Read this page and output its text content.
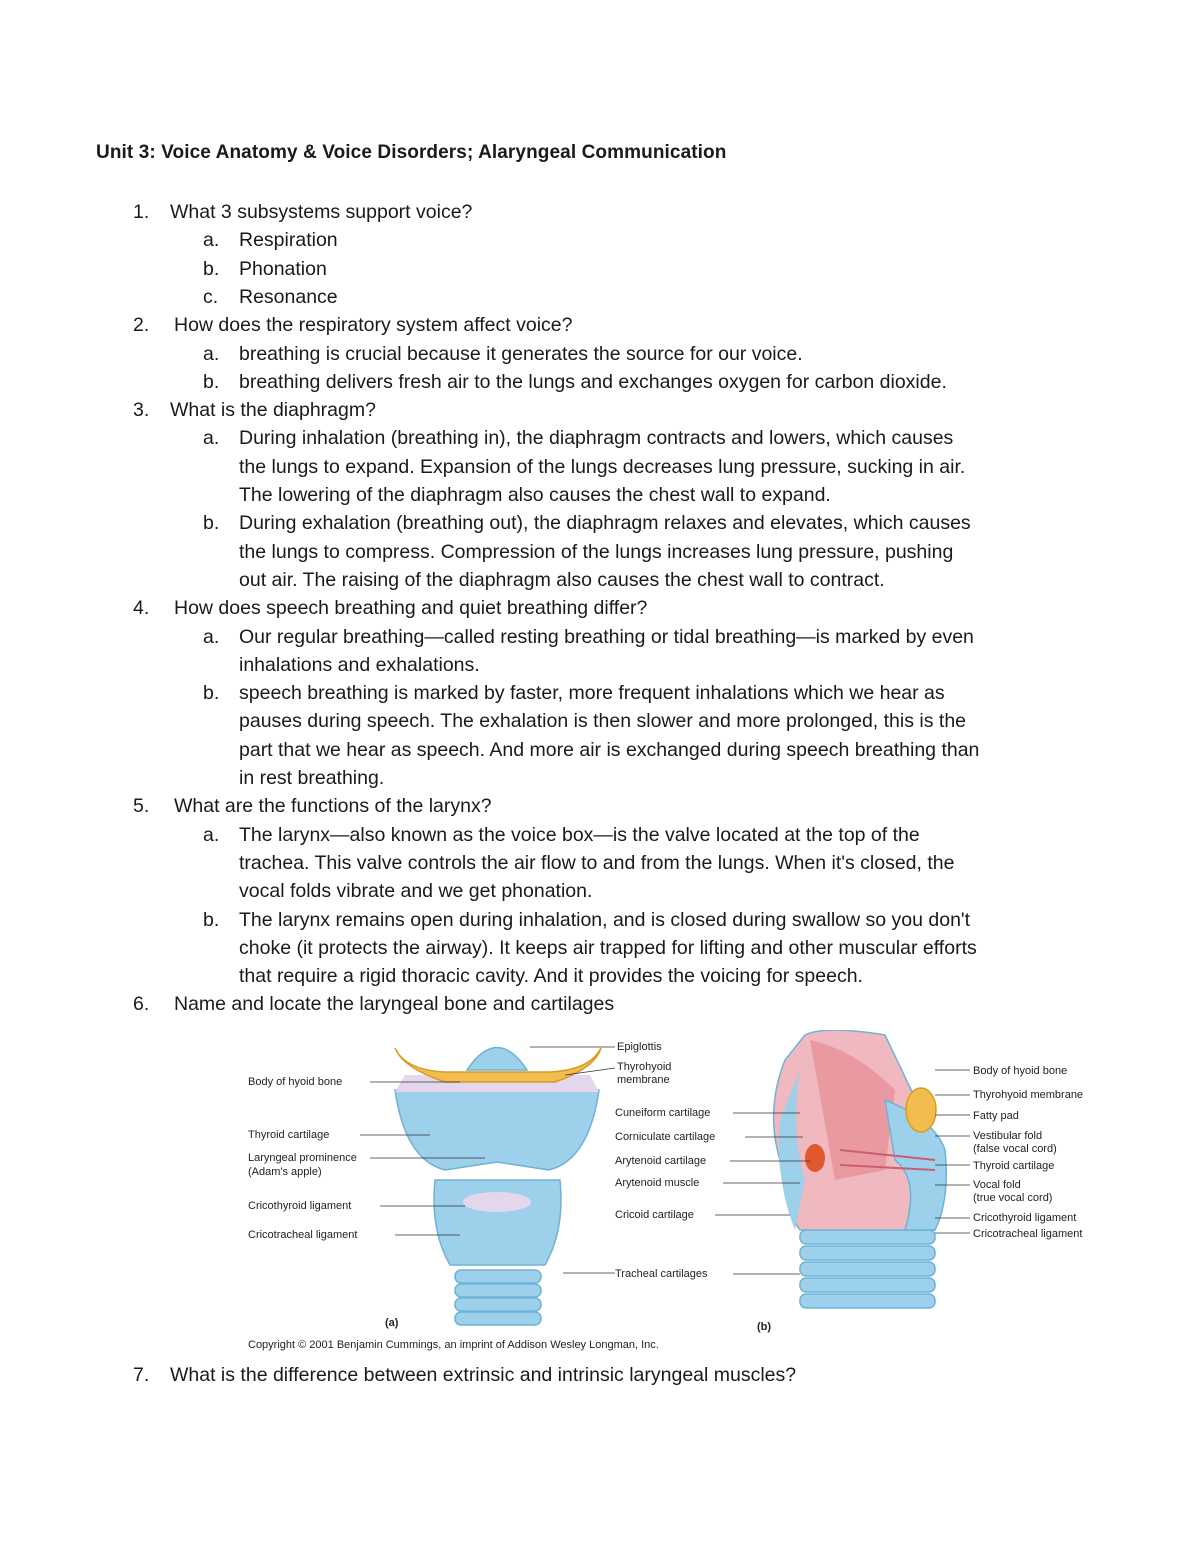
Unit 3: Voice Anatomy & Voice Disorders; Alaryngeal Communication
1. What 3 subsystems support voice?
a. Respiration
b. Phonation
c. Resonance
2. How does the respiratory system affect voice?
a. breathing is crucial because it generates the source for our voice.
b. breathing delivers fresh air to the lungs and exchanges oxygen for carbon dioxide.
3. What is the diaphragm?
a. During inhalation (breathing in), the diaphragm contracts and lowers, which causes
the lungs to expand. Expansion of the lungs decreases lung pressure, sucking in air.
The lowering of the diaphragm also causes the chest wall to expand.
b. During exhalation (breathing out), the diaphragm relaxes and elevates, which causes
the lungs to compress. Compression of the lungs increases lung pressure, pushing
out air. The raising of the diaphragm also causes the chest wall to contract.
4. How does speech breathing and quiet breathing differ?
a. Our regular breathing—called resting breathing or tidal breathing—is marked by even
inhalations and exhalations.
b. speech breathing is marked by faster, more frequent inhalations which we hear as
pauses during speech. The exhalation is then slower and more prolonged, this is the
part that we hear as speech. And more air is exchanged during speech breathing than
in rest breathing.
5. What are the functions of the larynx?
a. The larynx—also known as the voice box—is the valve located at the top of the
trachea. This valve controls the air flow to and from the lungs. When it's closed, the
vocal folds vibrate and we get phonation.
b. The larynx remains open during inhalation, and is closed during swallow so you don't
choke (it protects the airway). It keeps air trapped for lifting and other muscular efforts
that require a rigid thoracic cavity. And it provides the voicing for speech.
6. Name and locate the laryngeal bone and cartilages
7. What is the difference between extrinsic and intrinsic laryngeal muscles?
Body of hyoid bone
Thyroid cartilage
Laryngeal prominence
(Adam's apple)
Cricothyroid ligament
Cricotracheal ligament
Epiglottis
Thyrohyoid
membrane
Cuneiform cartilage
Corniculate cartilage
Arytenoid cartilage
Arytenoid muscle
Cricoid cartilage
Tracheal cartilages
Body of hyoid bone
Thyrohyoid membrane
Fatty pad
Vestibular fold
(false vocal cord)
Thyroid cartilage
Vocal fold
(true vocal cord)
Cricothyroid ligament
Cricotracheal ligament
(a)	(b)
Copyright © 2001 Benjamin Cummings, an imprint of Addison Wesley Longman, Inc.
